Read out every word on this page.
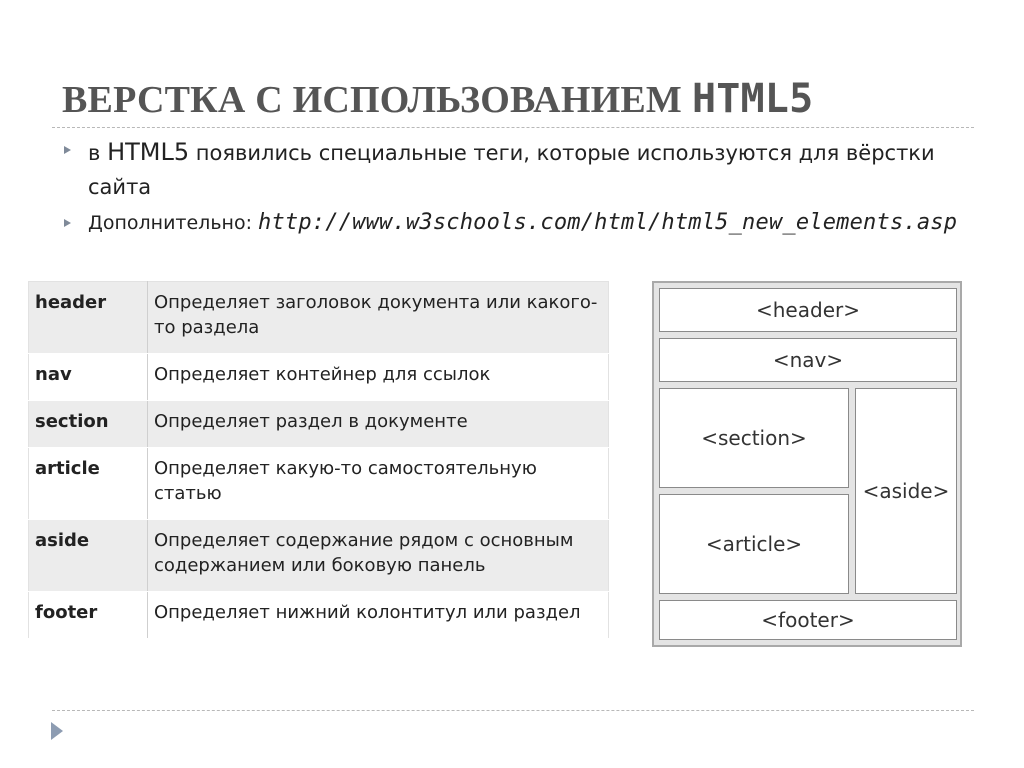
ВЕРСТКА С ИСПОЛЬЗОВАНИЕМ HTML5
в HTML5 появились специальные теги, которые используются для вёрстки сайта
Дополнительно: http://www.w3schools.com/html/html5_new_elements.asp
header	Определяет заголовок документа или какого-то раздела
nav	Определяет контейнер для ссылок
section	Определяет раздел в документе
article	Определяет какую-то самостоятельную статью
aside	Определяет содержание рядом с основным содержанием или боковую панель
footer	Определяет нижний колонтитул или раздел
<header>
<nav>
<section>
<article>
<aside>
<footer>
